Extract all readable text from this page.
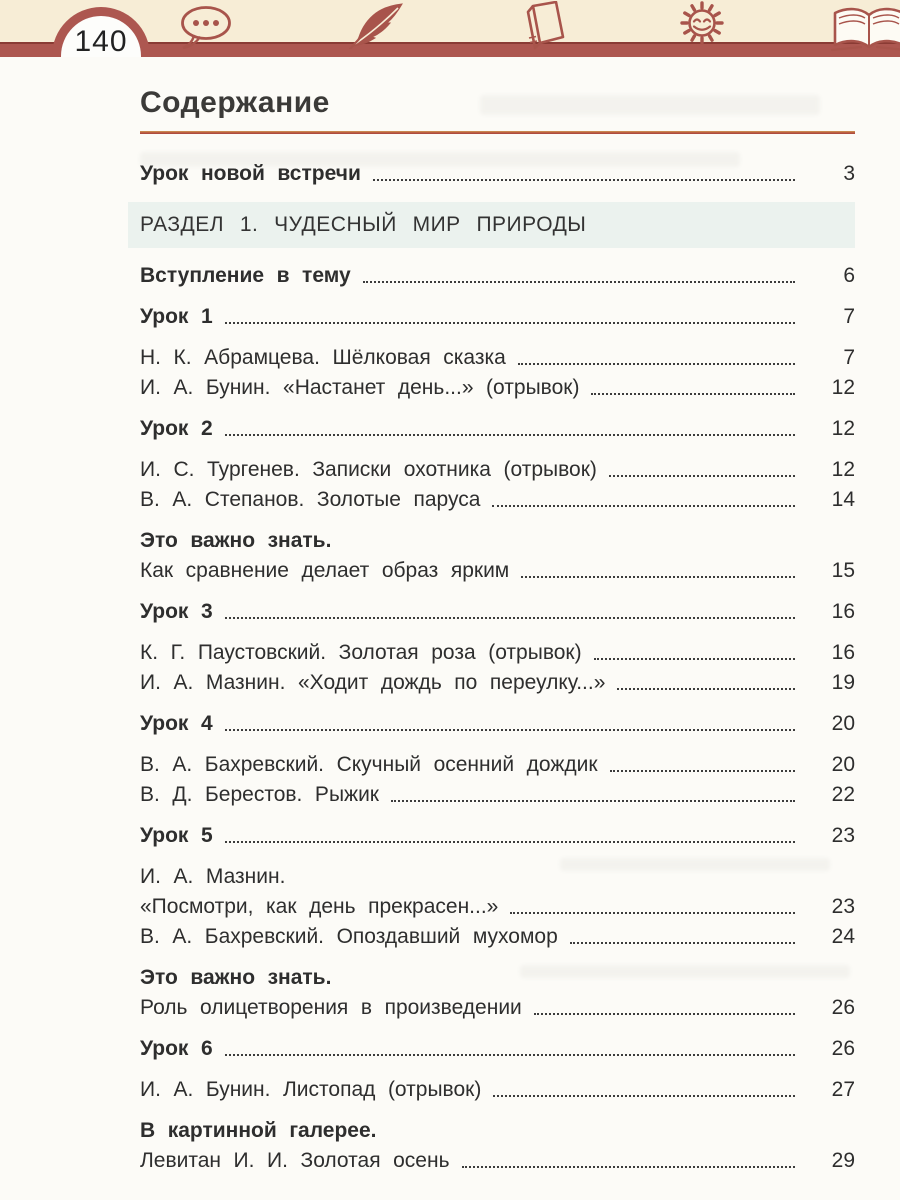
140
Содержание
Урок новой встречи	3
РАЗДЕЛ 1. ЧУДЕСНЫЙ МИР ПРИРОДЫ
Вступление в тему	6
Урок 1	7
Н. К. Абрамцева. Шёлковая сказка	7
И. А. Бунин. «Настанет день...» (отрывок)	12
Урок 2	12
И. С. Тургенев. Записки охотника (отрывок)	12
В. А. Степанов. Золотые паруса	14
Это важно знать.
Как сравнение делает образ ярким	15
Урок 3	16
К. Г. Паустовский. Золотая роза (отрывок)	16
И. А. Мазнин. «Ходит дождь по переулку...»	19
Урок 4	20
В. А. Бахревский. Скучный осенний дождик	20
В. Д. Берестов. Рыжик	22
Урок 5	23
И. А. Мазнин.
«Посмотри, как день прекрасен...»	23
В. А. Бахревский. Опоздавший мухомор	24
Это важно знать.
Роль олицетворения в произведении	26
Урок 6	26
И. А. Бунин. Листопад (отрывок)	27
В картинной галерее.
Левитан И. И. Золотая осень	29
